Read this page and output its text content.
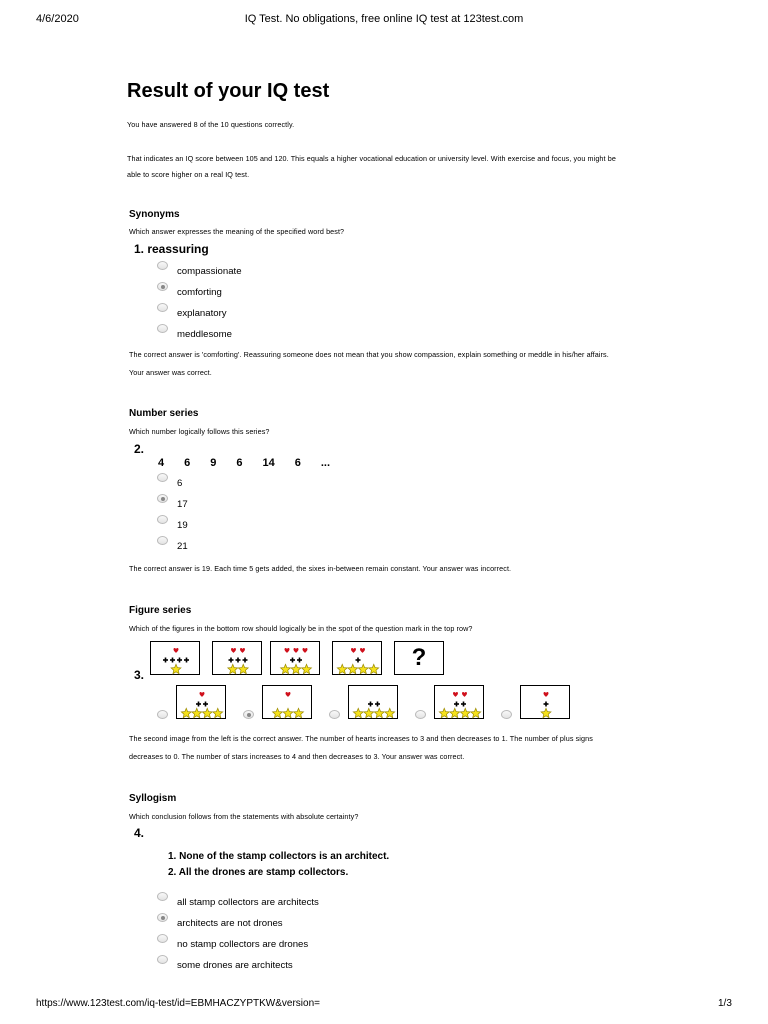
4/6/2020	IQ Test. No obligations, free online IQ test at 123test.com
Result of your IQ test
You have answered 8 of the 10 questions correctly.
That indicates an IQ score between 105 and 120. This equals a higher vocational education or university level. With exercise and focus, you might be
able to score higher on a real IQ test.
Synonyms
Which answer expresses the meaning of the specified word best?
1. reassuring
compassionate
comforting
explanatory
meddlesome
The correct answer is 'comforting'. Reassuring someone does not mean that you show compassion, explain something or meddle in his/her affairs.
Your answer was correct.
Number series
Which number logically follows this series?
2.
4 6 9 6 14 6 ...
6
17
19
21
The correct answer is 19. Each time 5 gets added, the sixes in-between remain constant. Your answer was incorrect.
Figure series
Which of the figures in the bottom row should logically be in the spot of the question mark in the top row?
3.
?
The second image from the left is the correct answer. The number of hearts increases to 3 and then decreases to 1. The number of plus signs
decreases to 0. The number of stars increases to 4 and then decreases to 3. Your answer was correct.
Syllogism
Which conclusion follows from the statements with absolute certainty?
4.
1. None of the stamp collectors is an architect.
2. All the drones are stamp collectors.
all stamp collectors are architects
architects are not drones
no stamp collectors are drones
some drones are architects
https://www.123test.com/iq-test/id=EBMHACZYPTKW&version=	1/3
